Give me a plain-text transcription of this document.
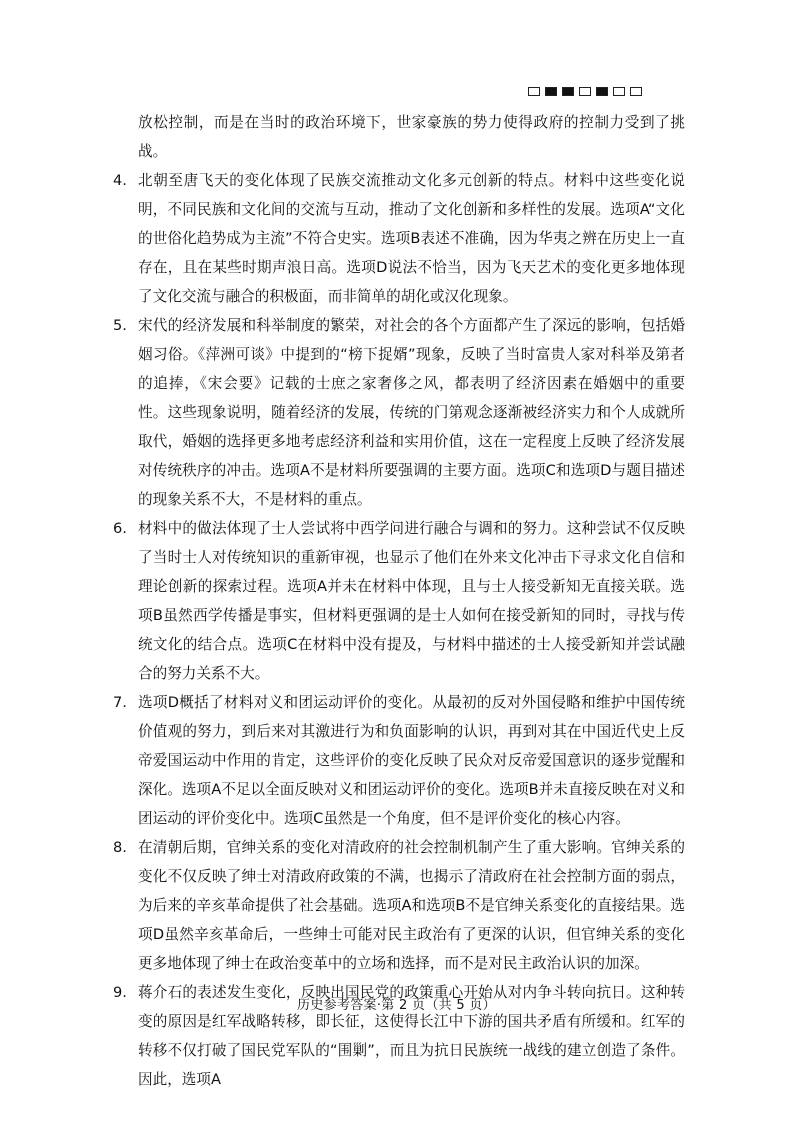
放松控制，而是在当时的政治环境下，世家豪族的势力使得政府的控制力受到了挑战。

4. 北朝至唐飞天的变化体现了民族交流推动文化多元创新的特点。材料中这些变化说明，不同民族和文化间的交流与互动，推动了文化创新和多样性的发展。选项A“文化的世俗化趋势成为主流”不符合史实。选项B表述不准确，因为华夷之辨在历史上一直存在，且在某些时期声浪日高。选项D说法不恰当，因为飞天艺术的变化更多地体现了文化交流与融合的积极面，而非简单的胡化或汉化现象。
5. 宋代的经济发展和科举制度的繁荣，对社会的各个方面都产生了深远的影响，包括婚姻习俗。《萍洲可谈》中提到的“榜下捉婿”现象，反映了当时富贵人家对科举及第者的追捧，《宋会要》记载的士庶之家奢侈之风，都表明了经济因素在婚姻中的重要性。这些现象说明，随着经济的发展，传统的门第观念逐渐被经济实力和个人成就所取代，婚姻的选择更多地考虑经济利益和实用价值，这在一定程度上反映了经济发展对传统秩序的冲击。选项A不是材料所要强调的主要方面。选项C和选项D与题目描述的现象关系不大，不是材料的重点。
6. 材料中的做法体现了士人尝试将中西学问进行融合与调和的努力。这种尝试不仅反映了当时士人对传统知识的重新审视，也显示了他们在外来文化冲击下寻求文化自信和理论创新的探索过程。选项A并未在材料中体现，且与士人接受新知无直接关联。选项B虽然西学传播是事实，但材料更强调的是士人如何在接受新知的同时，寻找与传统文化的结合点。选项C在材料中没有提及，与材料中描述的士人接受新知并尝试融合的努力关系不大。
7. 选项D概括了材料对义和团运动评价的变化。从最初的反对外国侵略和维护中国传统价值观的努力，到后来对其激进行为和负面影响的认识，再到对其在中国近代史上反帝爱国运动中作用的肯定，这些评价的变化反映了民众对反帝爱国意识的逐步觉醒和深化。选项A不足以全面反映对义和团运动评价的变化。选项B并未直接反映在对义和团运动的评价变化中。选项C虽然是一个角度，但不是评价变化的核心内容。
8. 在清朝后期，官绅关系的变化对清政府的社会控制机制产生了重大影响。官绅关系的变化不仅反映了绅士对清政府政策的不满，也揭示了清政府在社会控制方面的弱点，为后来的辛亥革命提供了社会基础。选项A和选项B不是官绅关系变化的直接结果。选项D虽然辛亥革命后，一些绅士可能对民主政治有了更深的认识，但官绅关系的变化更多地体现了绅士在政治变革中的立场和选择，而不是对民主政治认识的加深。
9. 蒋介石的表述发生变化，反映出国民党的政策重心开始从对内争斗转向抗日。这种转变的原因是红军战略转移，即长征，这使得长江中下游的国共矛盾有所缓和。红军的转移不仅打破了国民党军队的“围剿”，而且为抗日民族统一战线的建立创造了条件。因此，选项A
历史参考答案·第 2 页（共 5 页）
